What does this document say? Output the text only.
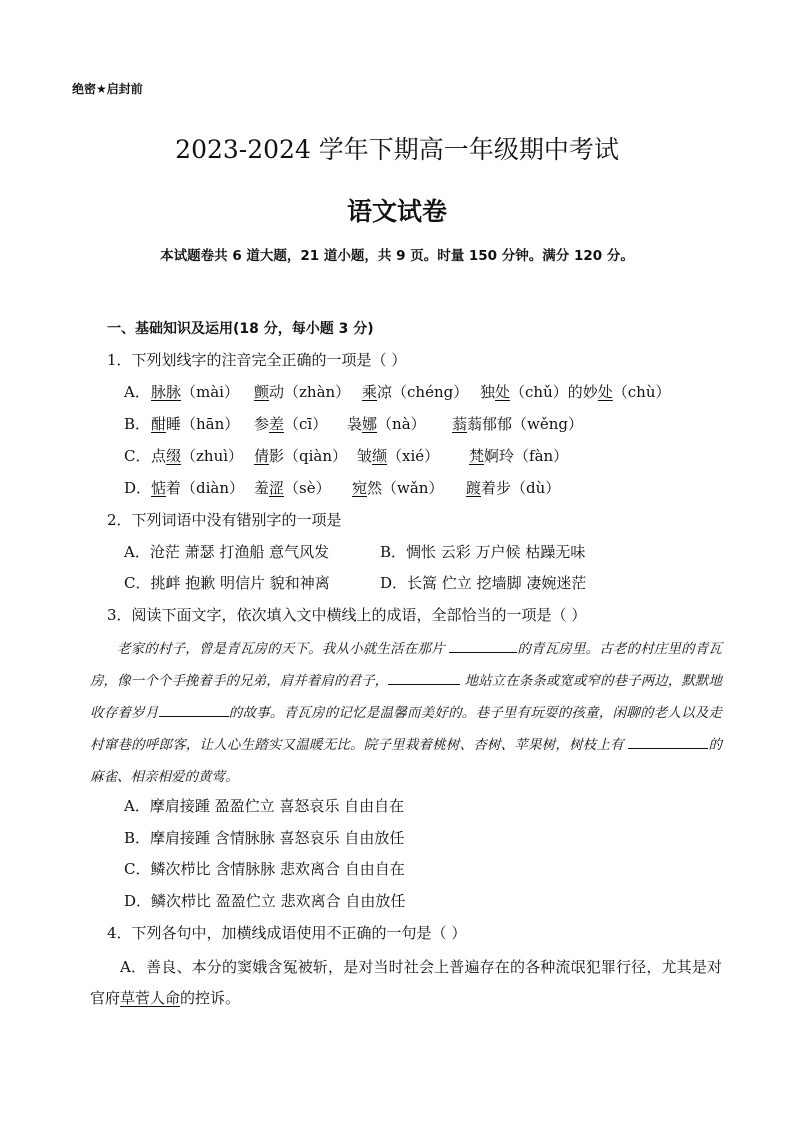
绝密★启封前
2023-2024 学年下期高一年级期中考试
语文试卷
本试题卷共 6 道大题，21 道小题，共 9 页。时量 150 分钟。满分 120 分。
一、基础知识及运用(18 分，每小题 3 分)
1．下列划线字的注音完全正确的一项是（ ）
A． 脉脉（mài） 颤动（zhàn） 乘凉（chéng） 独处（chǔ）的妙处（chù）
B． 酣睡（hān） 参差（cī） 袅娜（nà） 蓊蓊郁郁（wěng）
C． 点缀（zhuì） 倩影（qiàn） 皱缬（xié） 梵婀玲（fàn）
D． 惦着（diàn） 羞涩（sè） 宛然（wǎn） 踱着步（dù）
2．下列词语中没有错别字的一项是
A．沧茫 萧瑟 打渔船 意气风发	B．惆怅 云彩 万户候 枯躁无味
C．挑衅 抱歉 明信片 貌和神离	D．长篙 伫立 挖墙脚 凄婉迷茫
3．阅读下面文字，依次填入文中横线上的成语，全部恰当的一项是（ ）
老家的村子，曾是青瓦房的天下。我从小就生活在那片	的青瓦房里。古老的村庄里的青瓦房，像一个个手挽着手的兄弟，肩并着肩的君子，	地站立在条条或宽或窄的巷子两边，默默地收存着岁月	的故事。青瓦房的记忆是温馨而美好的。巷子里有玩耍的孩童，闲聊的老人以及走村窜巷的呼郎客，让人心生踏实又温暖无比。院子里栽着桃树、杏树、苹果树，树枝上有	的麻雀、相亲相爱的黄莺。
A．摩肩接踵 盈盈伫立 喜怒哀乐 自由自在
B．摩肩接踵 含情脉脉 喜怒哀乐 自由放任
C．鳞次栉比 含情脉脉 悲欢离合 自由自在
D．鳞次栉比 盈盈伫立 悲欢离合 自由放任
4．下列各句中，加横线成语使用不正确的一句是（ ）
A．善良、本分的窦娥含冤被斩，是对当时社会上普遍存在的各种流氓犯罪行径，尤其是对官府草菅人命的控诉。
